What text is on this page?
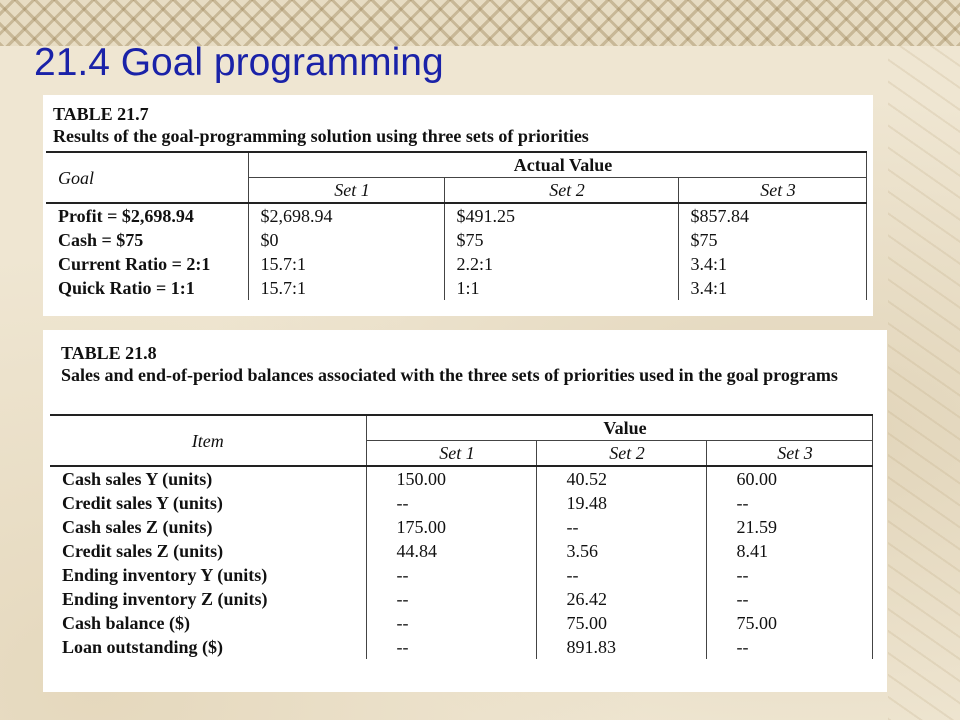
21.4	Goal programming
TABLE 21.7
Results of the goal-programming solution using three sets of priorities
Goal	Actual Value		
	Set 1	Set 2	Set 3
Profit = $2,698.94	$2,698.94	$491.25	$857.84
Cash = $75	$0	$75	$75
Current Ratio = 2:1	15.7:1	2.2:1	3.4:1
Quick Ratio = 1:1	15.7:1	1:1	3.4:1
TABLE 21.8
Sales and end-of-period balances associated with the three sets of priorities used in the goal programs
Item	Value		
	Set 1	Set 2	Set 3
Cash sales Y (units)	150.00	40.52	60.00
Credit sales Y (units)	--	19.48	--
Cash sales Z (units)	175.00	--	21.59
Credit sales Z (units)	44.84	3.56	8.41
Ending inventory Y (units)	--	--	--
Ending inventory Z (units)	--	26.42	--
Cash balance ($)	--	75.00	75.00
Loan outstanding ($)	--	891.83	--
